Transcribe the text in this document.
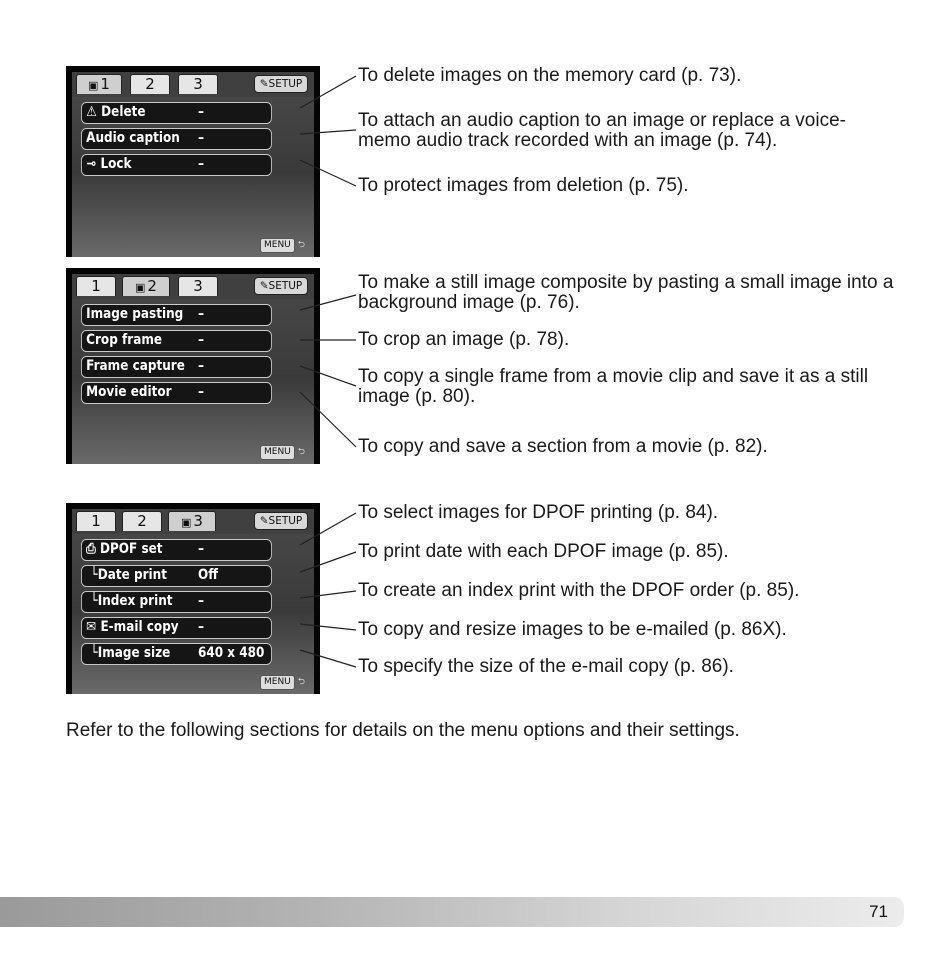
▣ 1	2	3	✎SETUP
⚠ Delete	–
Audio caption –
⊸ Lock	–
MENU ⮌
1	▣ 2	3	✎SETUP
Image pasting –
Crop frame	–
Frame capture –
Movie editor –
MENU ⮌
1	2	▣ 3	✎SETUP
⎙ DPOF set	–
└Date print Off
└Index print –
✉ E-mail copy –
└Image size 640 x 480
MENU ⮌
To delete images on the memory card (p. 73).
To attach an audio caption to an image or replace a voice-memo audio track recorded with an image (p. 74).
To protect images from deletion (p. 75).
To make a still image composite by pasting a small image into a background image (p. 76).
To crop an image (p. 78).
To copy a single frame from a movie clip and save it as a still image (p. 80).
To copy and save a section from a movie (p. 82).
To select images for DPOF printing (p. 84).
To print date with each DPOF image (p. 85).
To create an index print with the DPOF order (p. 85).
To copy and resize images to be e-mailed (p. 86X).
To specify the size of the e-mail copy (p. 86).
Refer to the following sections for details on the menu options and their settings.
71
